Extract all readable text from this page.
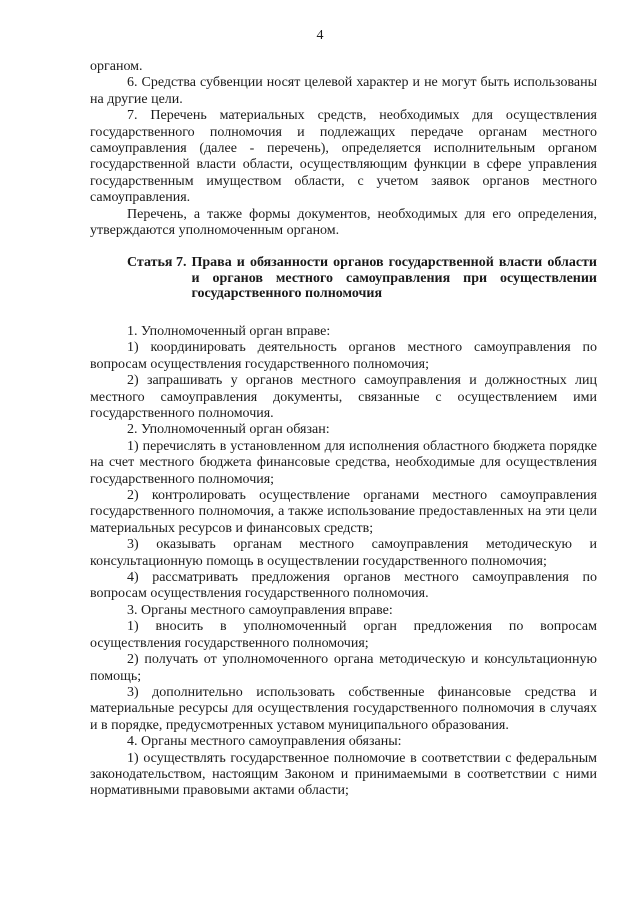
4

органом.

6. Средства субвенции носят целевой характер и не могут быть использованы на другие цели.

7. Перечень материальных средств, необходимых для осуществления государственного полномочия и подлежащих передаче органам местного самоуправления (далее - перечень), определяется исполнительным органом государственной власти области, осуществляющим функции в сфере управления государственным имуществом области, с учетом заявок органов местного самоуправления.

Перечень, а также формы документов, необходимых для его определения, утверждаются уполномоченным органом.

Статья 7. Права и обязанности органов государственной власти области и органов местного самоуправления при осуществлении государственного полномочия

1. Уполномоченный орган вправе:

1) координировать деятельность органов местного самоуправления по вопросам осуществления государственного полномочия;

2) запрашивать у органов местного самоуправления и должностных лиц местного самоуправления документы, связанные с осуществлением ими государственного полномочия.

2. Уполномоченный орган обязан:

1) перечислять в установленном для исполнения областного бюджета порядке на счет местного бюджета финансовые средства, необходимые для осуществления государственного полномочия;

2) контролировать осуществление органами местного самоуправления государственного полномочия, а также использование предоставленных на эти цели материальных ресурсов и финансовых средств;

3) оказывать органам местного самоуправления методическую и консультационную помощь в осуществлении государственного полномочия;

4) рассматривать предложения органов местного самоуправления по вопросам осуществления государственного полномочия.

3. Органы местного самоуправления вправе:

1) вносить в уполномоченный орган предложения по вопросам осуществления государственного полномочия;

2) получать от уполномоченного органа методическую и консультационную помощь;

3) дополнительно использовать собственные финансовые средства и материальные ресурсы для осуществления государственного полномочия в случаях и в порядке, предусмотренных уставом муниципального образования.

4. Органы местного самоуправления обязаны:

1) осуществлять государственное полномочие в соответствии с федеральным законодательством, настоящим Законом и принимаемыми в соответствии с ними нормативными правовыми актами области;
